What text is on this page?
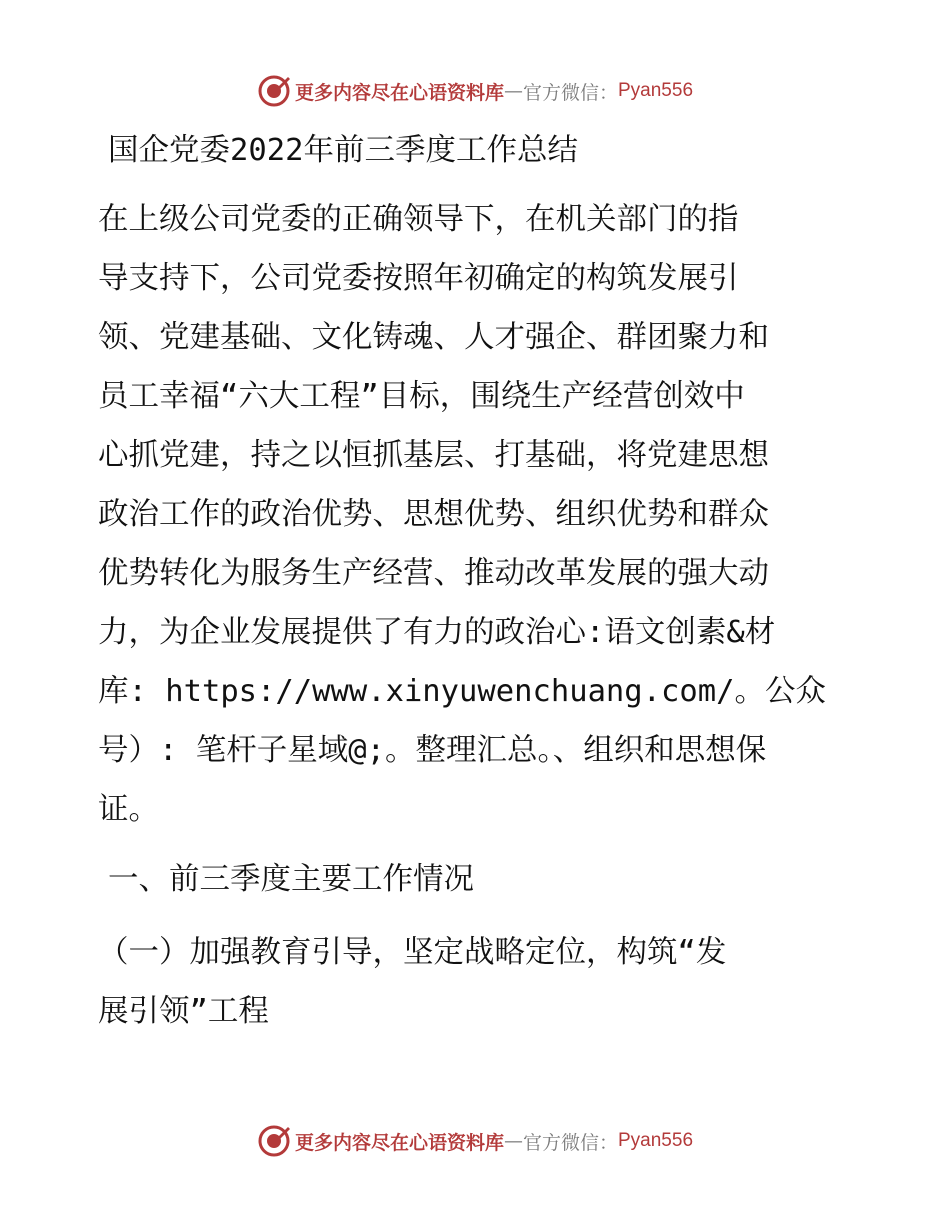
更多内容尽在心语资料库 — 官方微信： Pyan556
国企党委2022年前三季度工作总结
在上级公司党委的正确领导下，在机关部门的指
导支持下，公司党委按照年初确定的构筑发展引
领、党建基础、文化铸魂、人才强企、群团聚力和
员工幸福“六大工程”目标，围绕生产经营创效中
心抓党建，持之以恒抓基层、打基础，将党建思想
政治工作的政治优势、思想优势、组织优势和群众
优势转化为服务生产经营、推动改革发展的强大动
力，为企业发展提供了有力的政治心:语文创素&材
库: https://www.xinyuwenchuang.com/。公众
号）: 笔杆子星域@;。整理汇总。、组织和思想保
证。
一、前三季度主要工作情况
（一）加强教育引导，坚定战略定位，构筑“发
展引领”工程
更多内容尽在心语资料库 — 官方微信： Pyan556
